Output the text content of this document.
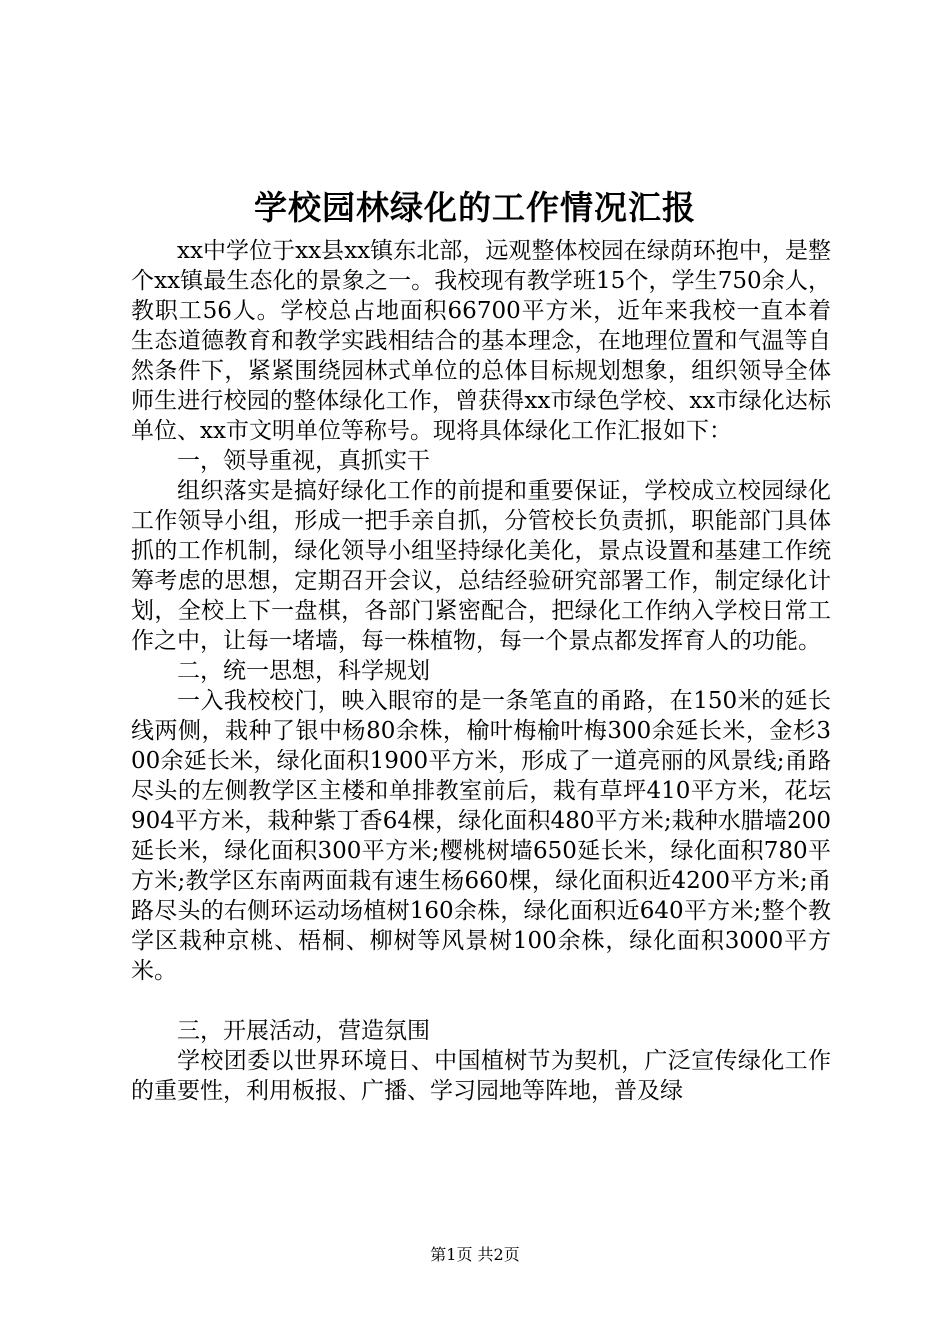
学校园林绿化的工作情况汇报

xx中学位于xx县xx镇东北部，远观整体校园在绿荫环抱中，是整个xx镇最生态化的景象之一。我校现有教学班15个，学生750余人，教职工56人。学校总占地面积66700平方米，近年来我校一直本着生态道德教育和教学实践相结合的基本理念，在地理位置和气温等自然条件下，紧紧围绕园林式单位的总体目标规划想象，组织领导全体师生进行校园的整体绿化工作，曾获得xx市绿色学校、xx市绿化达标单位、xx市文明单位等称号。现将具体绿化工作汇报如下：

一，领导重视，真抓实干

组织落实是搞好绿化工作的前提和重要保证，学校成立校园绿化工作领导小组，形成一把手亲自抓，分管校长负责抓，职能部门具体抓的工作机制，绿化领导小组坚持绿化美化，景点设置和基建工作统筹考虑的思想，定期召开会议，总结经验研究部署工作，制定绿化计划，全校上下一盘棋，各部门紧密配合，把绿化工作纳入学校日常工作之中，让每一堵墙，每一株植物，每一个景点都发挥育人的功能。

二，统一思想，科学规划

一入我校校门，映入眼帘的是一条笔直的甬路，在150米的延长线两侧，栽种了银中杨80余株，榆叶梅榆叶梅300余延长米，金杉300余延长米，绿化面积1900平方米，形成了一道亮丽的风景线;甬路尽头的左侧教学区主楼和单排教室前后，栽有草坪410平方米，花坛904平方米，栽种紫丁香64棵，绿化面积480平方米;栽种水腊墙200延长米，绿化面积300平方米;樱桃树墙650延长米，绿化面积780平方米;教学区东南两面栽有速生杨660棵，绿化面积近4200平方米;甬路尽头的右侧环运动场植树160余株，绿化面积近640平方米;整个教学区栽种京桃、梧桐、柳树等风景树100余株，绿化面积3000平方米。

三，开展活动，营造氛围

学校团委以世界环境日、中国植树节为契机，广泛宣传绿化工作的重要性，利用板报、广播、学习园地等阵地，普及绿

第1页 共2页
